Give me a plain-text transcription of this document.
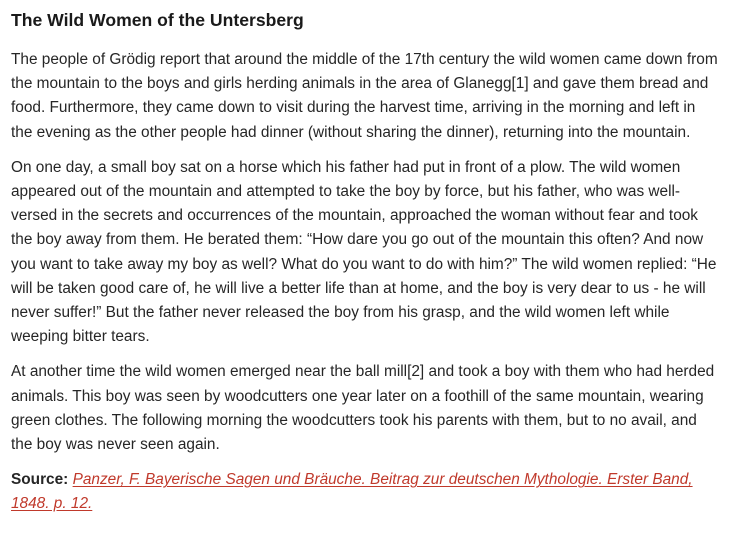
The Wild Women of the Untersberg

The people of Grödig report that around the middle of the 17th century the wild women came down from the mountain to the boys and girls herding animals in the area of Glanegg[1] and gave them bread and food. Furthermore, they came down to visit during the harvest time, arriving in the morning and left in the evening as the other people had dinner (without sharing the dinner), returning into the mountain.

On one day, a small boy sat on a horse which his father had put in front of a plow. The wild women appeared out of the mountain and attempted to take the boy by force, but his father, who was well-versed in the secrets and occurrences of the mountain, approached the woman without fear and took the boy away from them. He berated them: “How dare you go out of the mountain this often? And now you want to take away my boy as well? What do you want to do with him?” The wild women replied: “He will be taken good care of, he will live a better life than at home, and the boy is very dear to us - he will never suffer!” But the father never released the boy from his grasp, and the wild women left while weeping bitter tears.

At another time the wild women emerged near the ball mill[2] and took a boy with them who had herded animals. This boy was seen by woodcutters one year later on a foothill of the same mountain, wearing green clothes. The following morning the woodcutters took his parents with them, but to no avail, and the boy was never seen again.

Source: Panzer, F. Bayerische Sagen und Bräuche. Beitrag zur deutschen Mythologie. Erster Band, 1848. p. 12.
